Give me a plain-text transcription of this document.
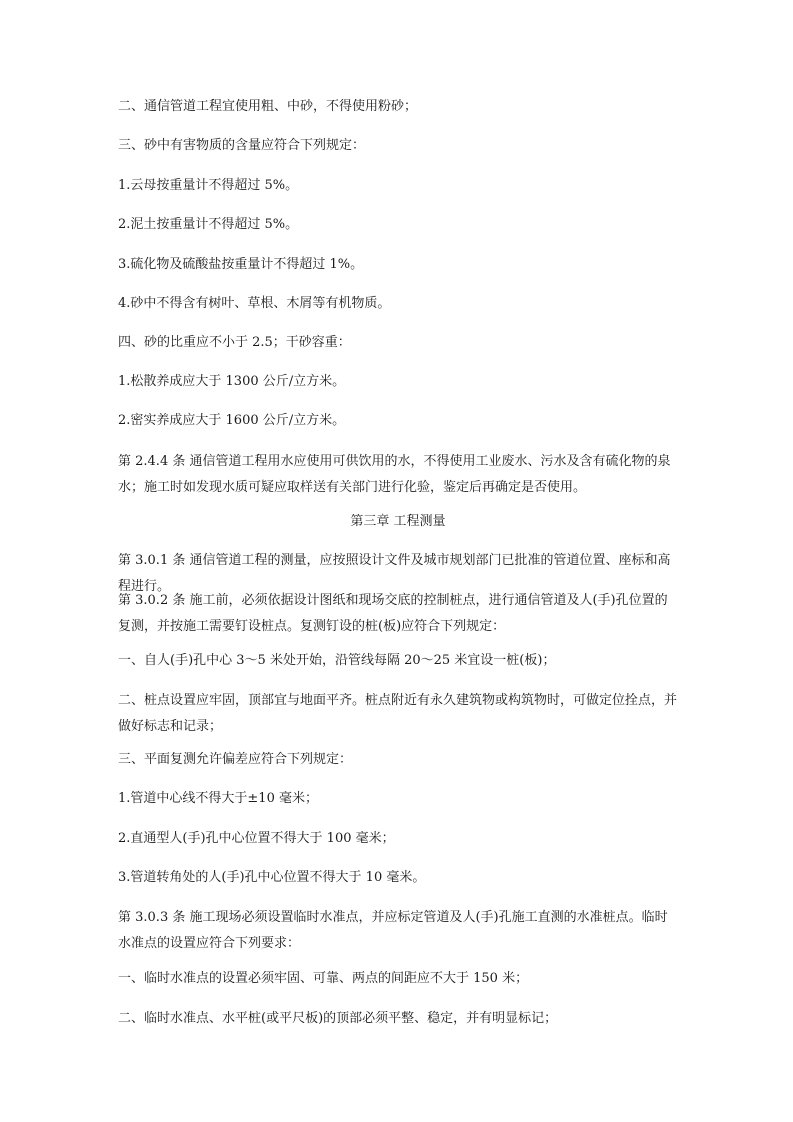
二、通信管道工程宜使用粗、中砂，不得使用粉砂；

三、砂中有害物质的含量应符合下列规定：

1.云母按重量计不得超过 5%。

2.泥土按重量计不得超过 5%。

3.硫化物及硫酸盐按重量计不得超过 1%。

4.砂中不得含有树叶、草根、木屑等有机物质。

四、砂的比重应不小于 2.5；干砂容重：

1.松散养成应大于 1300 公斤/立方米。

2.密实养成应大于 1600 公斤/立方米。

第 2.4.4 条 通信管道工程用水应使用可供饮用的水，不得使用工业废水、污水及含有硫化物的泉水；施工时如发现水质可疑应取样送有关部门进行化验，鉴定后再确定是否使用。

第三章 工程测量

第 3.0.1 条 通信管道工程的测量，应按照设计文件及城市规划部门已批准的管道位置、座标和高程进行。

第 3.0.2 条 施工前，必须依据设计图纸和现场交底的控制桩点，进行通信管道及人(手)孔位置的复测，并按施工需要钉设桩点。复测钉设的桩(板)应符合下列规定：

一、自人(手)孔中心 3～5 米处开始，沿管线每隔 20～25 米宜设一桩(板)；

二、桩点设置应牢固，顶部宜与地面平齐。桩点附近有永久建筑物或构筑物时，可做定位拴点，并做好标志和记录；

三、平面复测允许偏差应符合下列规定：

1.管道中心线不得大于±10 毫米；

2.直通型人(手)孔中心位置不得大于 100 毫米；

3.管道转角处的人(手)孔中心位置不得大于 10 毫米。

第 3.0.3 条 施工现场必须设置临时水准点，并应标定管道及人(手)孔施工直测的水准桩点。临时水准点的设置应符合下列要求：

一、临时水准点的设置必须牢固、可靠、两点的间距应不大于 150 米；

二、临时水准点、水平桩(或平尺板)的顶部必须平整、稳定，并有明显标记；
